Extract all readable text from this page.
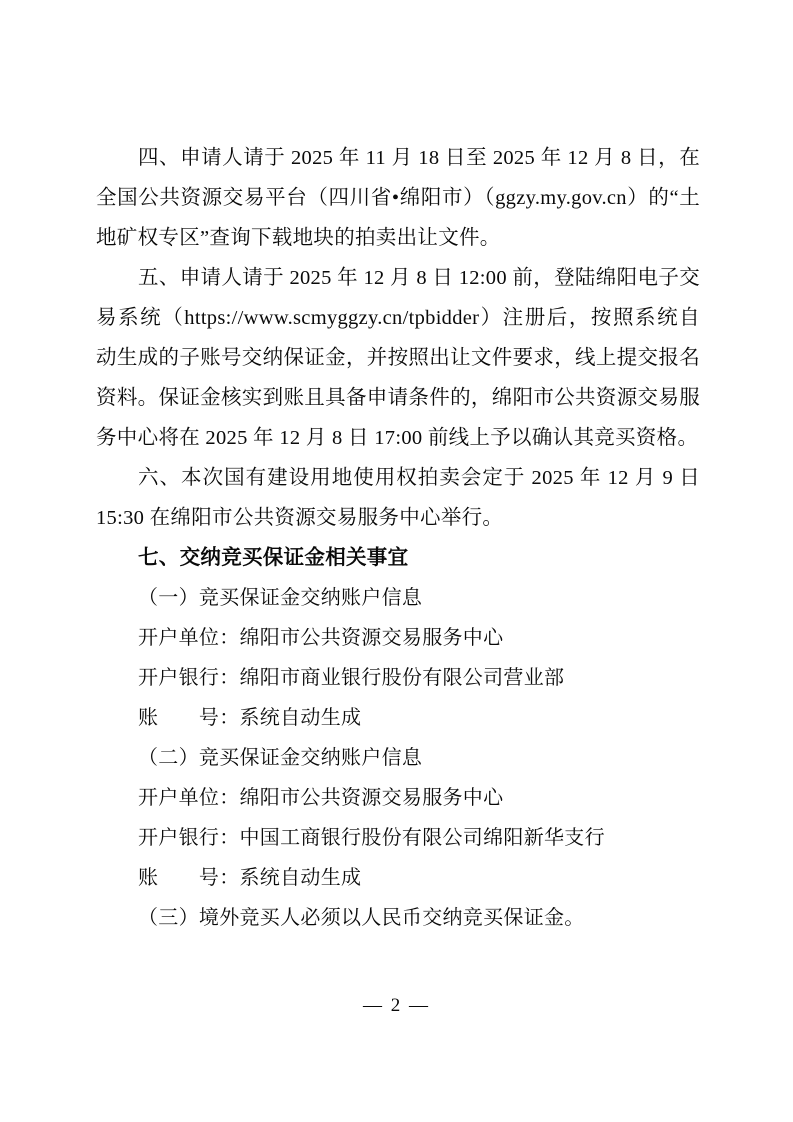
四、申请人请于 2025 年 11 月 18 日至 2025 年 12 月 8 日，在全国公共资源交易平台（四川省•绵阳市）（ggzy.my.gov.cn）的“土地矿权专区”查询下载地块的拍卖出让文件。

五、申请人请于 2025 年 12 月 8 日 12:00 前，登陆绵阳电子交易系统（https://www.scmyggzy.cn/tpbidder）注册后，按照系统自动生成的子账号交纳保证金，并按照出让文件要求，线上提交报名资料。保证金核实到账且具备申请条件的，绵阳市公共资源交易服务中心将在 2025 年 12 月 8 日 17:00 前线上予以确认其竞买资格。

六、本次国有建设用地使用权拍卖会定于 2025 年 12 月 9 日 15:30 在绵阳市公共资源交易服务中心举行。

七、交纳竞买保证金相关事宜

（一）竞买保证金交纳账户信息

开户单位：绵阳市公共资源交易服务中心

开户银行：绵阳市商业银行股份有限公司营业部

账　　号：系统自动生成

（二）竞买保证金交纳账户信息

开户单位：绵阳市公共资源交易服务中心

开户银行：中国工商银行股份有限公司绵阳新华支行

账　　号：系统自动生成

（三）境外竞买人必须以人民币交纳竞买保证金。

— 2 —
